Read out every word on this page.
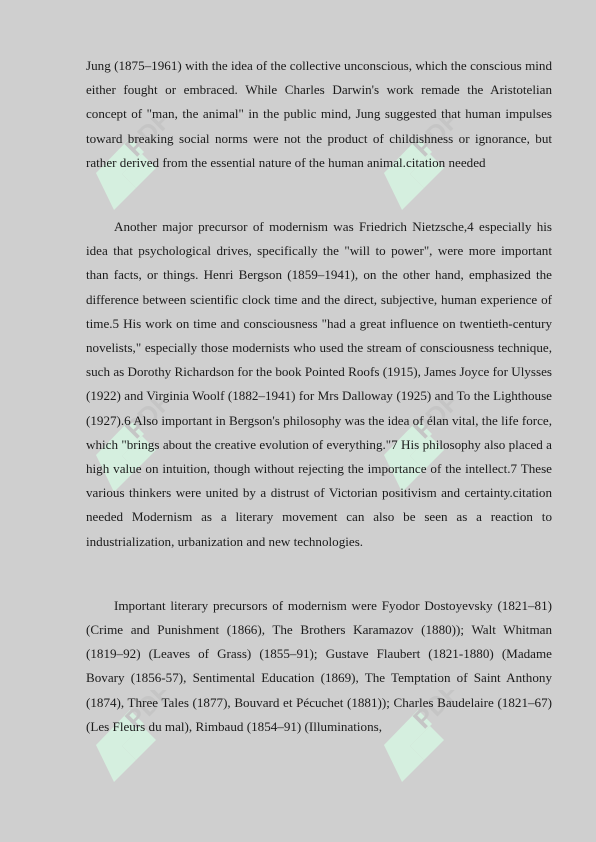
PDF	PDF
PDF	PDF
PDF	PDF

Jung (1875–1961) with the idea of the collective unconscious, which the conscious mind either fought or embraced. While Charles Darwin's work remade the Aristotelian concept of "man, the animal" in the public mind, Jung suggested that human impulses toward breaking social norms were not the product of childishness or ignorance, but rather derived from the essential nature of the human animal.citation needed

Another major precursor of modernism was Friedrich Nietzsche,4 especially his idea that psychological drives, specifically the "will to power", were more important than facts, or things. Henri Bergson (1859–1941), on the other hand, emphasized the difference between scientific clock time and the direct, subjective, human experience of time.5 His work on time and consciousness "had a great influence on twentieth-century novelists," especially those modernists who used the stream of consciousness technique, such as Dorothy Richardson for the book Pointed Roofs (1915), James Joyce for Ulysses (1922) and Virginia Woolf (1882–1941) for Mrs Dalloway (1925) and To the Lighthouse (1927).6 Also important in Bergson's philosophy was the idea of élan vital, the life force, which "brings about the creative evolution of everything."7 His philosophy also placed a high value on intuition, though without rejecting the importance of the intellect.7 These various thinkers were united by a distrust of Victorian positivism and certainty.citation needed Modernism as a literary movement can also be seen as a reaction to industrialization, urbanization and new technologies.

Important literary precursors of modernism were Fyodor Dostoyevsky (1821–81) (Crime and Punishment (1866), The Brothers Karamazov (1880)); Walt Whitman (1819–92) (Leaves of Grass) (1855–91); Gustave Flaubert (1821-1880) (Madame Bovary (1856-57), Sentimental Education (1869), The Temptation of Saint Anthony (1874), Three Tales (1877), Bouvard et Pécuchet (1881)); Charles Baudelaire (1821–67) (Les Fleurs du mal), Rimbaud (1854–91) (Illuminations,
